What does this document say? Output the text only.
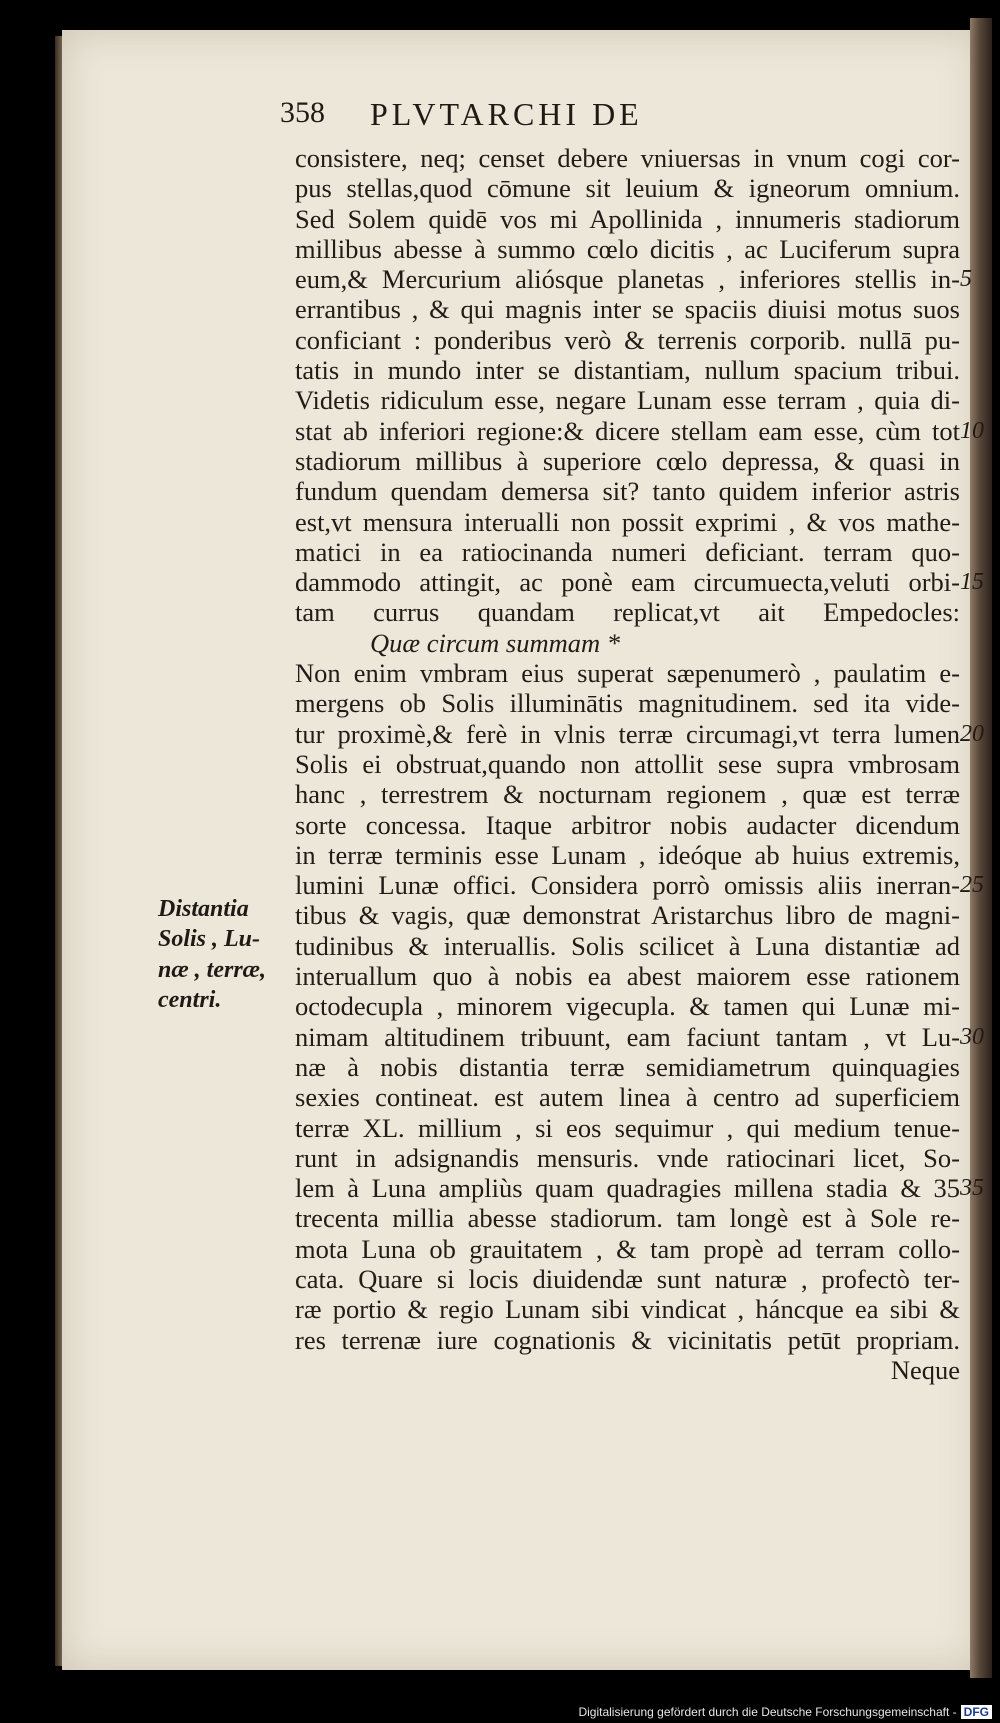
358 PLVTARCHI DE
consistere, neq; censet debere vniuersas in vnum cogi cor-
pus stellas,quod cōmune sit leuium & igneorum omnium.
Sed Solem quidē vos mi Apollinida , innumeris stadiorum
millibus abesse à summo cœlo dicitis , ac Luciferum supra
eum,& Mercurium aliósque planetas , inferiores stellis in-
errantibus , & qui magnis inter se spaciis diuisi motus suos
conficiant : ponderibus verò & terrenis corporib. nullā pu-
tatis in mundo inter se distantiam, nullum spacium tribui.
Videtis ridiculum esse, negare Lunam esse terram , quia di-
stat ab inferiori regione:& dicere stellam eam esse, cùm tot
stadiorum millibus à superiore cœlo depressa, & quasi in
fundum quendam demersa sit? tanto quidem inferior astris
est,vt mensura interualli non possit exprimi , & vos mathe-
matici in ea ratiocinanda numeri deficiant. terram quo-
dammodo attingit, ac ponè eam circumuecta,veluti orbi-
tam currus quandam replicat,vt ait Empedocles:
Quæ circum summam *
Non enim vmbram eius superat sæpenumerò , paulatim e-
mergens ob Solis illuminātis magnitudinem. sed ita vide-
tur proximè,& ferè in vlnis terræ circumagi,vt terra lumen
Solis ei obstruat,quando non attollit sese supra vmbrosam
hanc , terrestrem & nocturnam regionem , quæ est terræ
sorte concessa. Itaque arbitror nobis audacter dicendum
in terræ terminis esse Lunam , ideóque ab huius extremis,
lumini Lunæ offici. Considera porrò omissis aliis inerran-
tibus & vagis, quæ demonstrat Aristarchus libro de magni-
tudinibus & interuallis. Solis scilicet à Luna distantiæ ad
interuallum quo à nobis ea abest maiorem esse rationem
octodecupla , minorem vigecupla. & tamen qui Lunæ mi-
nimam altitudinem tribuunt, eam faciunt tantam , vt Lu-
næ à nobis distantia terræ semidiametrum quinquagies
sexies contineat. est autem linea à centro ad superficiem
terræ XL. millium , si eos sequimur , qui medium tenue-
runt in adsignandis mensuris. vnde ratiocinari licet, So-
lem à Luna ampliùs quam quadragies millena stadia & 35
trecenta millia abesse stadiorum. tam longè est à Sole re-
mota Luna ob grauitatem , & tam propè ad terram collo-
cata. Quare si locis diuidendæ sunt naturæ , profectò ter-
ræ portio & regio Lunam sibi vindicat , háncque ea sibi &
res terrenæ iure cognationis & vicinitatis petūt propriam.
Neque
5
10
15
20
25
30
35
Distantia
Solis , Lu-
næ , terræ,
centri.
Digitalisierung gefördert durch die Deutsche Forschungsgemeinschaft - DFG
